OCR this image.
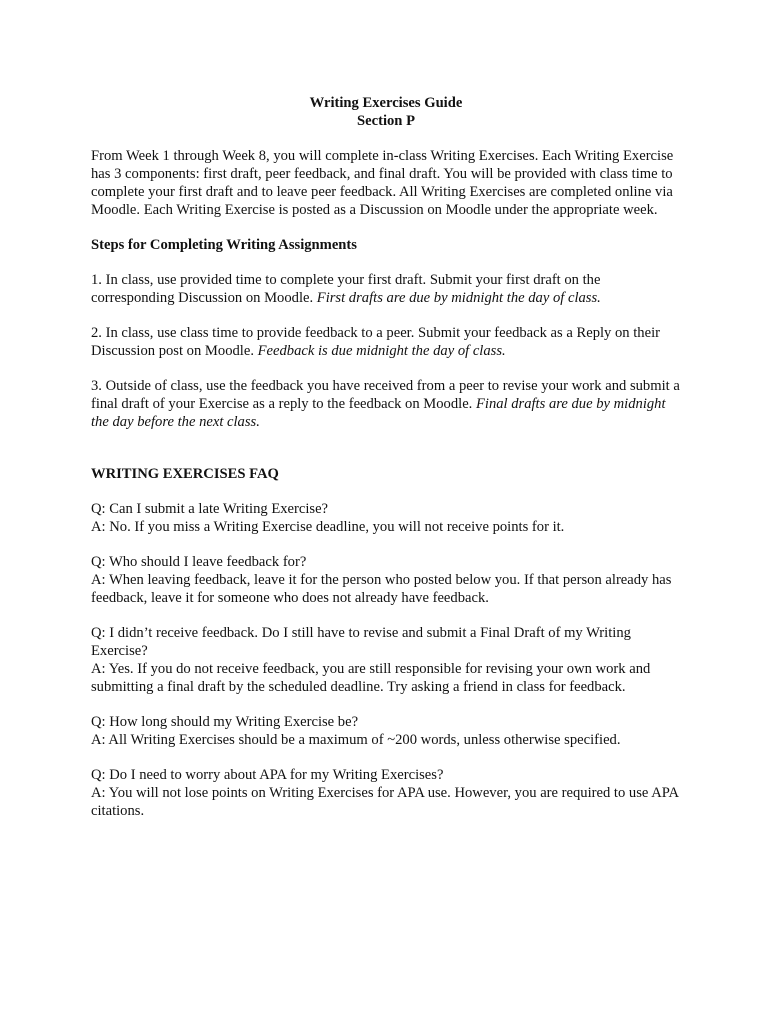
Writing Exercises Guide
Section P

From Week 1 through Week 8, you will complete in-class Writing Exercises. Each Writing Exercise has 3 components: first draft, peer feedback, and final draft. You will be provided with class time to complete your first draft and to leave peer feedback. All Writing Exercises are completed online via Moodle. Each Writing Exercise is posted as a Discussion on Moodle under the appropriate week.

Steps for Completing Writing Assignments

1. In class, use provided time to complete your first draft. Submit your first draft on the corresponding Discussion on Moodle. First drafts are due by midnight the day of class.

2. In class, use class time to provide feedback to a peer. Submit your feedback as a Reply on their Discussion post on Moodle. Feedback is due midnight the day of class.

3. Outside of class, use the feedback you have received from a peer to revise your work and submit a final draft of your Exercise as a reply to the feedback on Moodle. Final drafts are due by midnight the day before the next class.

WRITING EXERCISES FAQ
Q: Can I submit a late Writing Exercise?
A: No. If you miss a Writing Exercise deadline, you will not receive points for it.
Q: Who should I leave feedback for?
A: When leaving feedback, leave it for the person who posted below you. If that person already has feedback, leave it for someone who does not already have feedback.
Q: I didn’t receive feedback. Do I still have to revise and submit a Final Draft of my Writing Exercise?
A: Yes. If you do not receive feedback, you are still responsible for revising your own work and submitting a final draft by the scheduled deadline. Try asking a friend in class for feedback.
Q: How long should my Writing Exercise be?
A: All Writing Exercises should be a maximum of ~200 words, unless otherwise specified.
Q: Do I need to worry about APA for my Writing Exercises?
A: You will not lose points on Writing Exercises for APA use. However, you are required to use APA citations.
